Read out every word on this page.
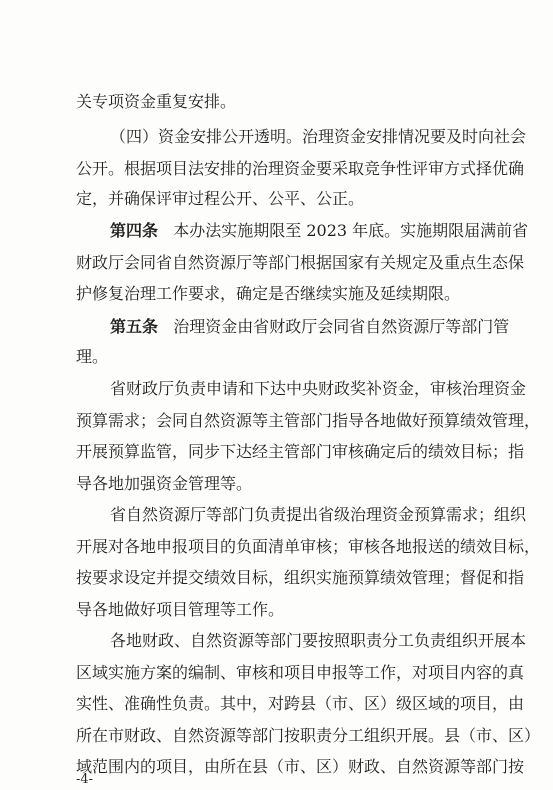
关专项资金重复安排。
（四）资金安排公开透明。治理资金安排情况要及时向社会
公开。根据项目法安排的治理资金要采取竞争性评审方式择优确
定，并确保评审过程公开、公平、公正。
第四条 本办法实施期限至 2023 年底。实施期限届满前省
财政厅会同省自然资源厅等部门根据国家有关规定及重点生态保
护修复治理工作要求，确定是否继续实施及延续期限。
第五条 治理资金由省财政厅会同省自然资源厅等部门管
理。
省财政厅负责申请和下达中央财政奖补资金，审核治理资金
预算需求；会同自然资源等主管部门指导各地做好预算绩效管理，
开展预算监管，同步下达经主管部门审核确定后的绩效目标；指
导各地加强资金管理等。
省自然资源厅等部门负责提出省级治理资金预算需求；组织
开展对各地申报项目的负面清单审核；审核各地报送的绩效目标，
按要求设定并提交绩效目标，组织实施预算绩效管理；督促和指
导各地做好项目管理等工作。
各地财政、自然资源等部门要按照职责分工负责组织开展本
区域实施方案的编制、审核和项目申报等工作，对项目内容的真
实性、准确性负责。其中，对跨县（市、区）级区域的项目，由
所在市财政、自然资源等部门按职责分工组织开展。县（市、区）
域范围内的项目，由所在县（市、区）财政、自然资源等部门按
-4-
